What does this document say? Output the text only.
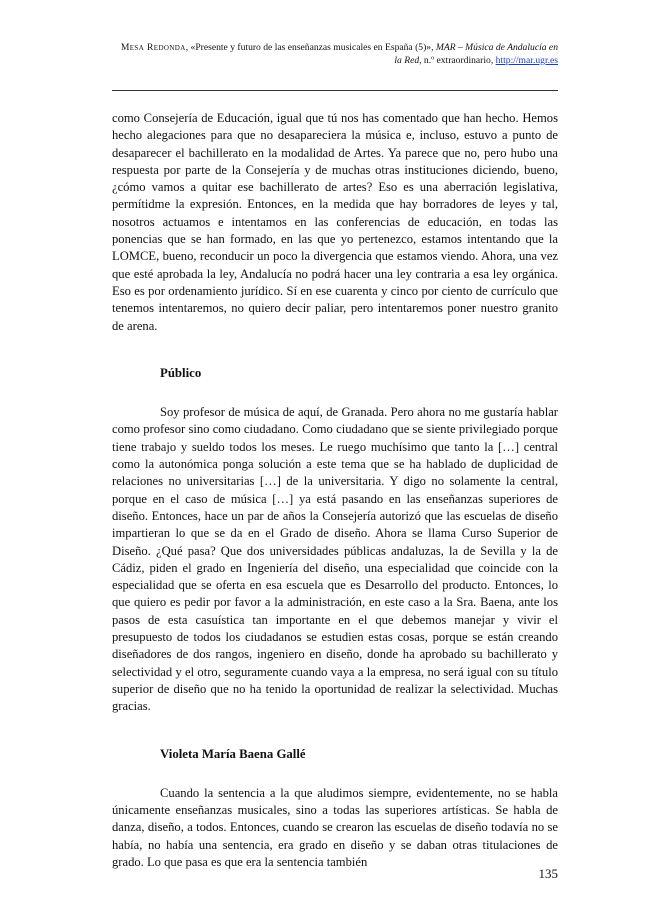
Mesa Redonda, «Presente y futuro de las enseñanzas musicales en España (5)», MAR – Música de Andalucía en la Red, n.º extraordinario, http://mar.ugr.es

como Consejería de Educación, igual que tú nos has comentado que han hecho. Hemos hecho alegaciones para que no desapareciera la música e, incluso, estuvo a punto de desaparecer el bachillerato en la modalidad de Artes. Ya parece que no, pero hubo una respuesta por parte de la Consejería y de muchas otras instituciones diciendo, bueno, ¿cómo vamos a quitar ese bachillerato de artes? Eso es una aberración legislativa, permítidme la expresión. Entonces, en la medida que hay borradores de leyes y tal, nosotros actuamos e intentamos en las conferencias de educación, en todas las ponencias que se han formado, en las que yo pertenezco, estamos intentando que la LOMCE, bueno, reconducir un poco la divergencia que estamos viendo. Ahora, una vez que esté aprobada la ley, Andalucía no podrá hacer una ley contraria a esa ley orgánica. Eso es por ordenamiento jurídico. Sí en ese cuarenta y cinco por ciento de currículo que tenemos intentaremos, no quiero decir paliar, pero intentaremos poner nuestro granito de arena.

Público

Soy profesor de música de aquí, de Granada. Pero ahora no me gustaría hablar como profesor sino como ciudadano. Como ciudadano que se siente privilegiado porque tiene trabajo y sueldo todos los meses. Le ruego muchísimo que tanto la […] central como la autonómica ponga solución a este tema que se ha hablado de duplicidad de relaciones no universitarias […] de la universitaria. Y digo no solamente la central, porque en el caso de música […] ya está pasando en las enseñanzas superiores de diseño. Entonces, hace un par de años la Consejería autorizó que las escuelas de diseño impartieran lo que se da en el Grado de diseño. Ahora se llama Curso Superior de Diseño. ¿Qué pasa? Que dos universidades públicas andaluzas, la de Sevilla y la de Cádiz, piden el grado en Ingeniería del diseño, una especialidad que coincide con la especialidad que se oferta en esa escuela que es Desarrollo del producto. Entonces, lo que quiero es pedir por favor a la administración, en este caso a la Sra. Baena, ante los pasos de esta casuística tan importante en el que debemos manejar y vivir el presupuesto de todos los ciudadanos se estudien estas cosas, porque se están creando diseñadores de dos rangos, ingeniero en diseño, donde ha aprobado su bachillerato y selectividad y el otro, seguramente cuando vaya a la empresa, no será igual con su título superior de diseño que no ha tenido la oportunidad de realizar la selectividad. Muchas gracias.

Violeta María Baena Gallé

Cuando la sentencia a la que aludimos siempre, evidentemente, no se habla únicamente enseñanzas musicales, sino a todas las superiores artísticas. Se habla de danza, diseño, a todos. Entonces, cuando se crearon las escuelas de diseño todavía no se había, no había una sentencia, era grado en diseño y se daban otras titulaciones de grado. Lo que pasa es que era la sentencia también

135
